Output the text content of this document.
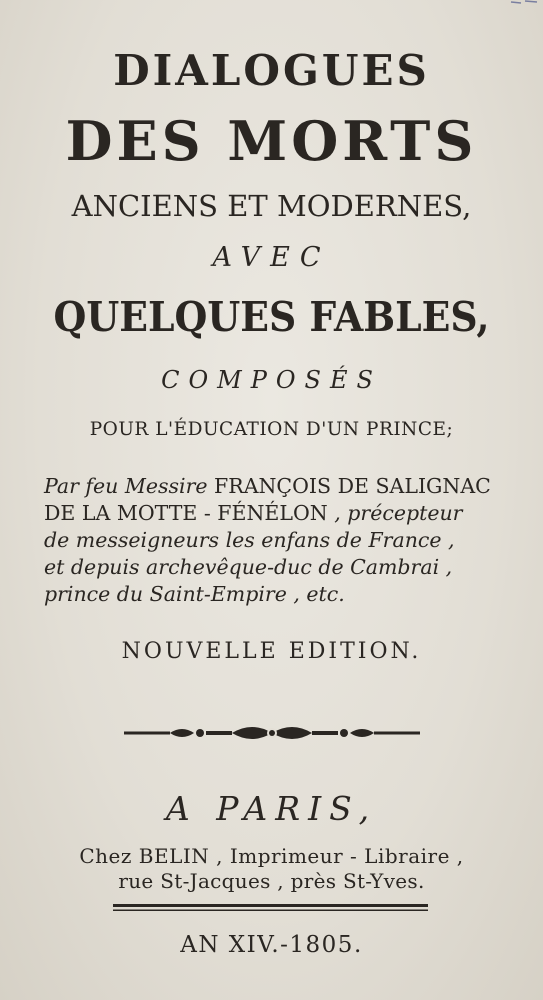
DIALOGUES
DES MORTS
ANCIENS ET MODERNES,
AVEC
QUELQUES FABLES,
COMPOSÉS
POUR L'ÉDUCATION D'UN PRINCE;
Par feu Messire FRANÇOIS DE SALIGNAC
DE LA MOTTE - FÉNÉLON , précepteur
de messeigneurs les enfans de France ,
et depuis archevêque-duc de Cambrai ,
prince du Saint-Empire , etc.
NOUVELLE EDITION.
A PARIS,
Chez BELIN , Imprimeur - Libraire ,
rue St-Jacques , près St-Yves.
AN XIV.-1805.
